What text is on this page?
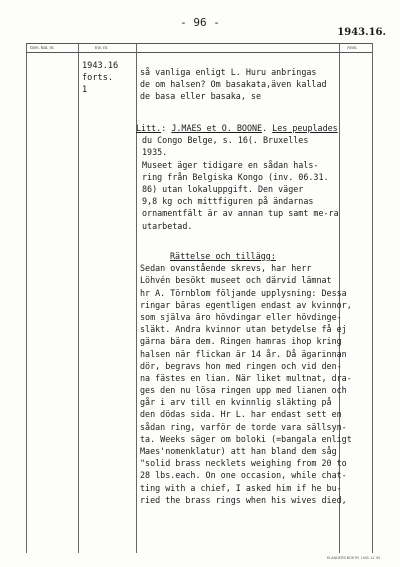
- 96 -
1943.16.
Gen. kat. nr.	Inv. nr.	Anm.
1943.16
forts.
1
så vanliga enligt L. Huru anbringas
de om halsen? Om basakata,även kallad
de basa eller basaka, se
Litt.: J.MAES et O. BOONE. Les peuplades
du Congo Belge, s. 16(. Bruxelles
1935.
Museet äger tidigare en sådan hals-
ring från Belgiska Kongo (inv. 06.31.
86) utan lokaluppgift. Den väger
9,8 kg och mittfiguren på ändarnas
ornamentfält är av annan tup samt me-ra
utarbetad.
Rättelse och tillägg:
Sedan ovanstående skrevs, har herr
Löhvén besökt museet och därvid lämnat
hr A. Törnblom följande upplysning: Dessa
ringar bäras egentligen endast av kvinnor,
som själva äro hövdingar eller hövdinge-
släkt. Andra kvinnor utan betydelse få ej
gärna bära dem. Ringen hamras ihop kring
halsen när flickan är 14 år. Då ägarinnan
dör, begravs hon med ringen och vid den-
na fästes en lian. När liket multnat, dra-
ges den nu lösa ringen upp med lianen och
går i arv till en kvinnlig släkting på
den dödas sida. Hr L. har endast sett en
sådan ring, varför de torde vara sällsyn-
ta. Weeks säger om boloki (=bangala enligt
Maes'nomenklatur) att han bland dem såg
"solid brass necklets weighing from 20 to
28 lbs.each. On one occasion, while chat-
ting with a chief, I asked him if he bu-
ried the brass rings when his wives died,
ELANDERS BOKTR. 1943. 11. 93
